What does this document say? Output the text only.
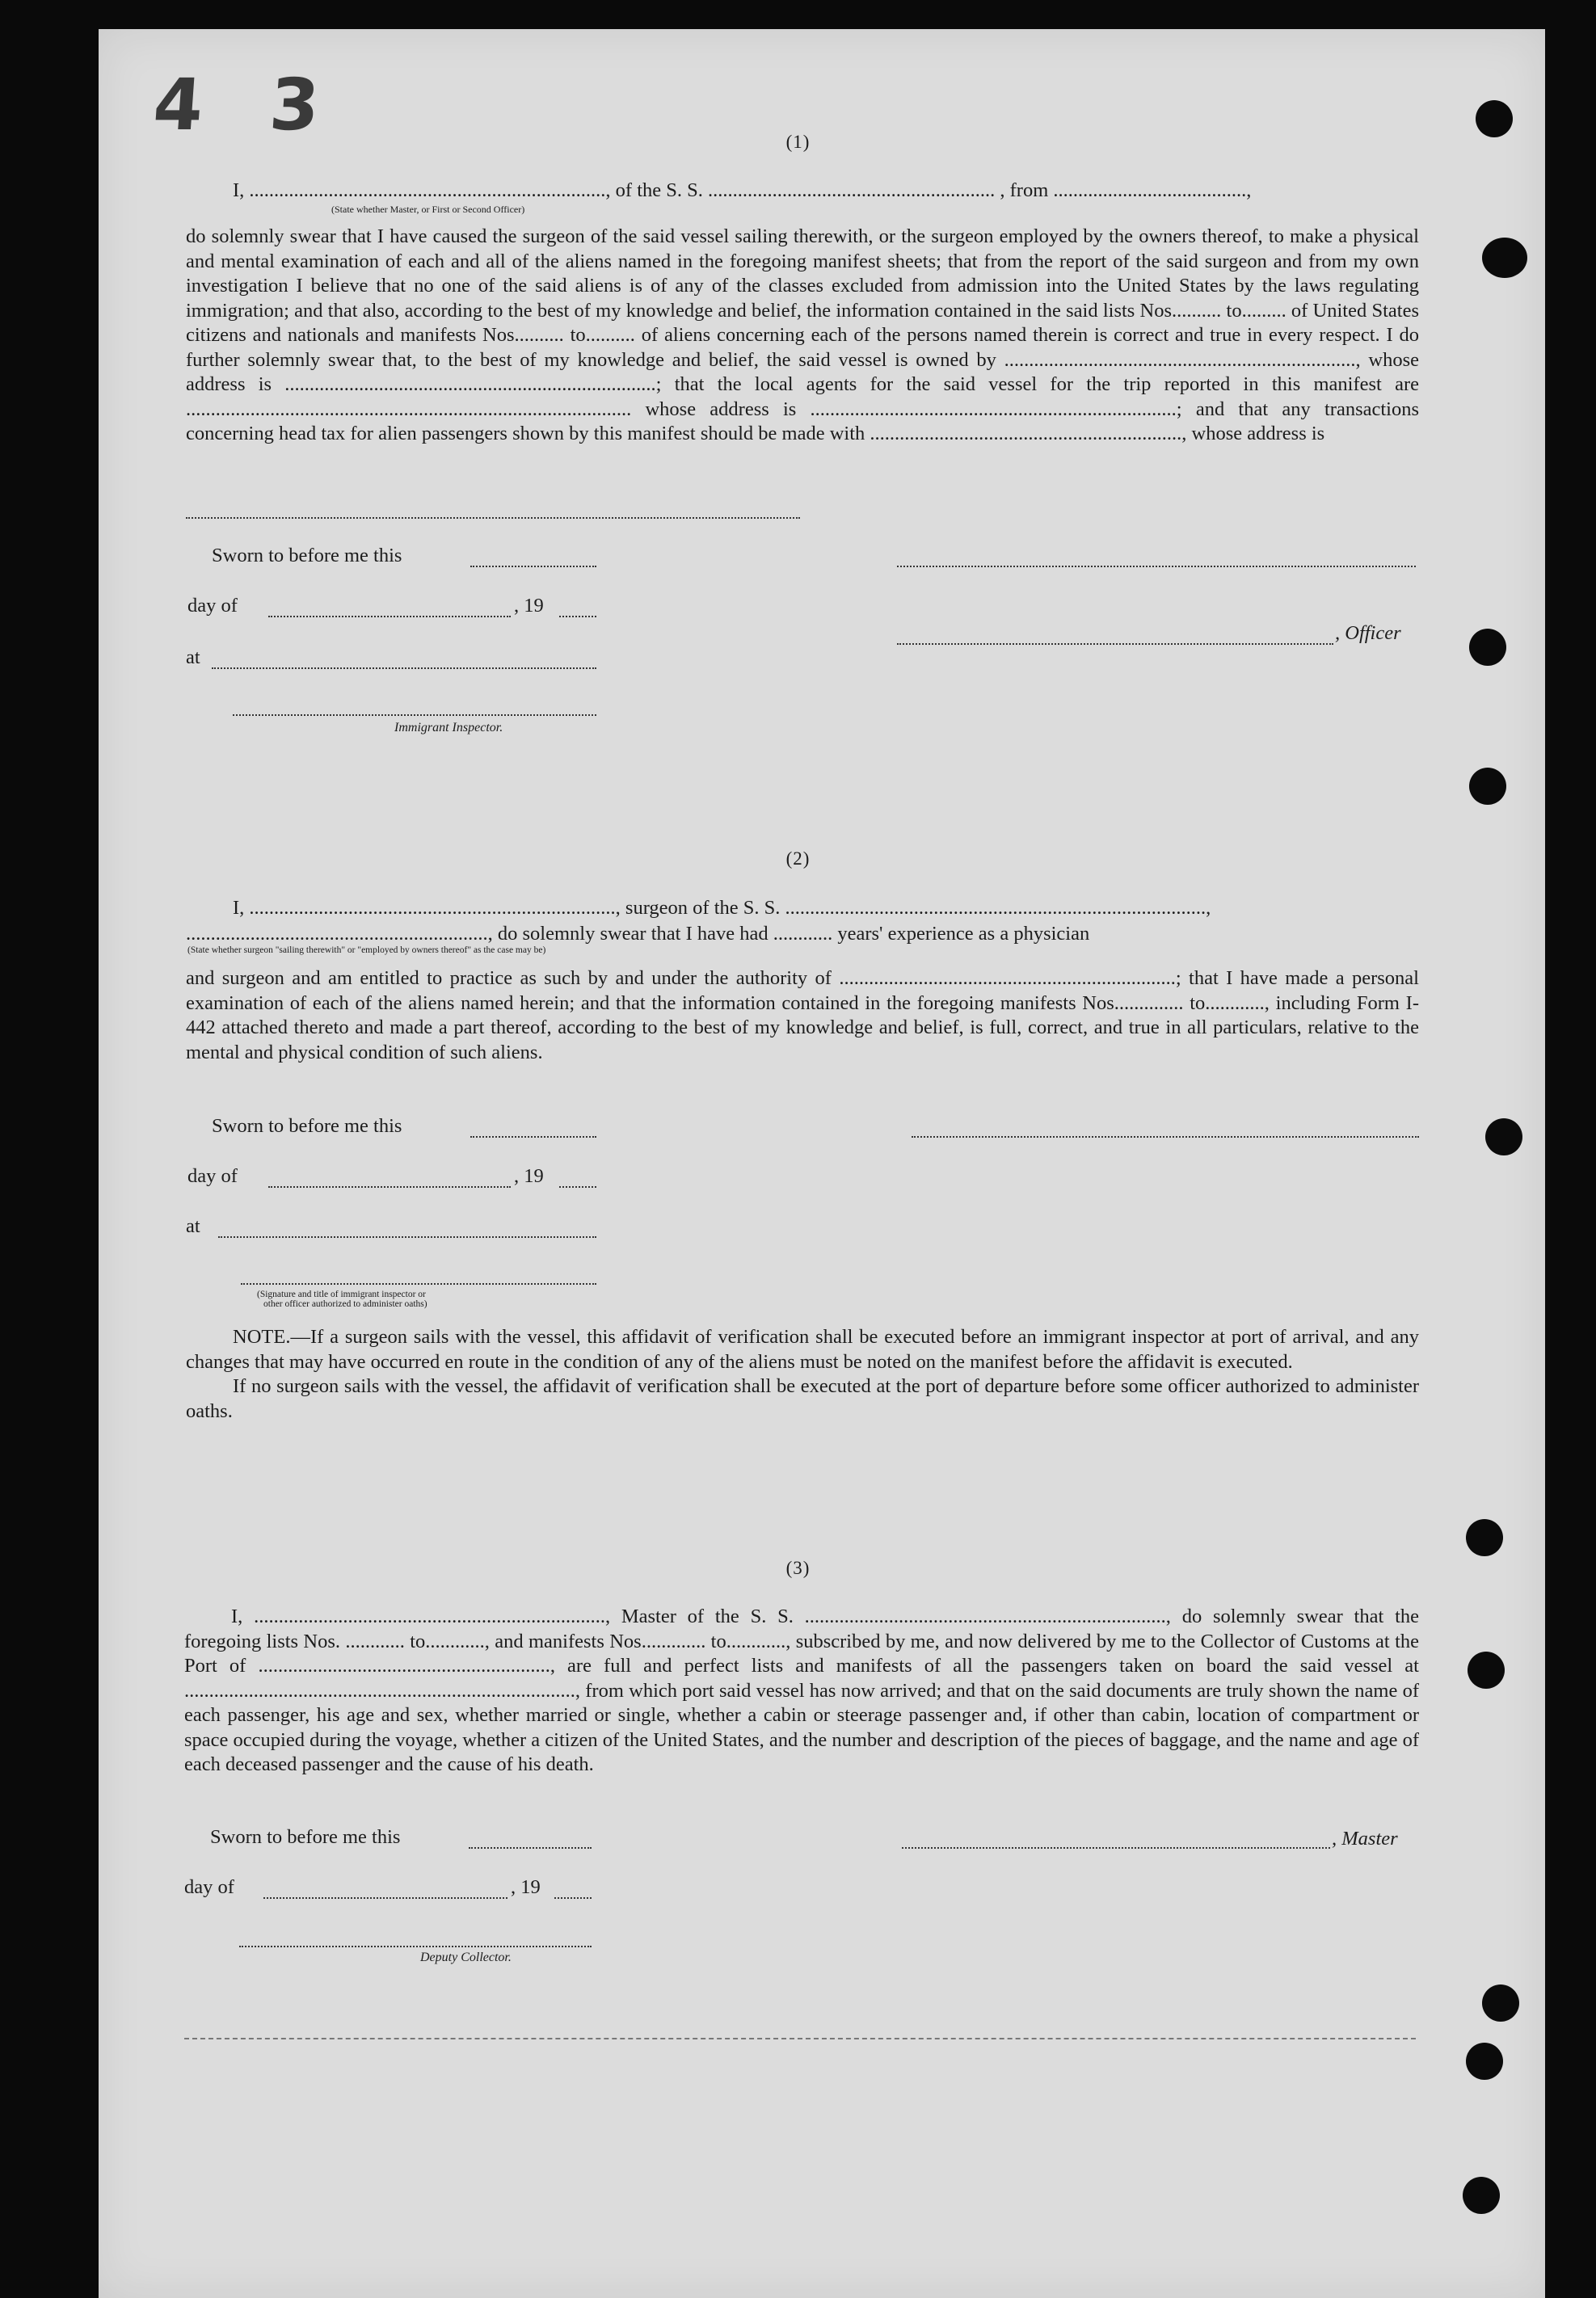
4 3	(1)
I, ........................................................................, of the S. S. .......................................................... , from .......................................,
(State whether Master, or First or Second Officer)

do solemnly swear that I have caused the surgeon of the said vessel sailing therewith, or the surgeon employed by the owners thereof, to make a physical and mental examination of each and all of the aliens named in the foregoing manifest sheets; that from the report of the said surgeon and from my own investigation I believe that no one of the said aliens is of any of the classes excluded from admission into the United States by the laws regulating immigration; and that also, according to the best of my knowledge and belief, the information contained in the said lists Nos.......... to......... of United States citizens and nationals and manifests Nos.......... to.......... of aliens concerning each of the persons named therein is correct and true in every respect. I do further solemnly swear that, to the best of my knowledge and belief, the said vessel is owned by ......................................................................., whose address is ...........................................................................; that the local agents for the said vessel for the trip reported in this manifest are .......................................................................................... whose address is ..........................................................................; and that any transactions concerning head tax for alien passengers shown by this manifest should be made with ..............................................................., whose address is

Sworn to before me this
day of	, 19
, Officer
at
Immigrant Inspector.
(2)
I, .........................................................................., surgeon of the S. S. .....................................................................................,
............................................................., do solemnly swear that I have had ............ years' experience as a physician
(State whether surgeon "sailing therewith" or "employed by owners thereof" as the case may be)

and surgeon and am entitled to practice as such by and under the authority of ....................................................................; that I have made a personal examination of each of the aliens named herein; and that the information contained in the foregoing manifests Nos.............. to............, including Form I-442 attached thereto and made a part thereof, according to the best of my knowledge and belief, is full, correct, and true in all particulars, relative to the mental and physical condition of such aliens.

Sworn to before me this
day of	, 19
at
(Signature and title of immigrant inspector or
other officer authorized to administer oaths)

NOTE.—If a surgeon sails with the vessel, this affidavit of verification shall be executed before an immigrant inspector at port of arrival, and any changes that may have occurred en route in the condition of any of the aliens must be noted on the manifest before the affidavit is executed.

If no surgeon sails with the vessel, the affidavit of verification shall be executed at the port of departure before some officer authorized to administer oaths.

(3)

I, ......................................................................., Master of the S. S. ........................................................................., do solemnly swear that the foregoing lists Nos. ............ to............, and manifests Nos............. to............, subscribed by me, and now delivered by me to the Collector of Customs at the Port of ..........................................................., are full and perfect lists and manifests of all the passengers taken on board the said vessel at ..............................................................................., from which port said vessel has now arrived; and that on the said documents are truly shown the name of each passenger, his age and sex, whether married or single, whether a cabin or steerage passenger and, if other than cabin, location of compartment or space occupied during the voyage, whether a citizen of the United States, and the number and description of the pieces of baggage, and the name and age of each deceased passenger and the cause of his death.

Sworn to before me this	, Master
day of	, 19
Deputy Collector.
